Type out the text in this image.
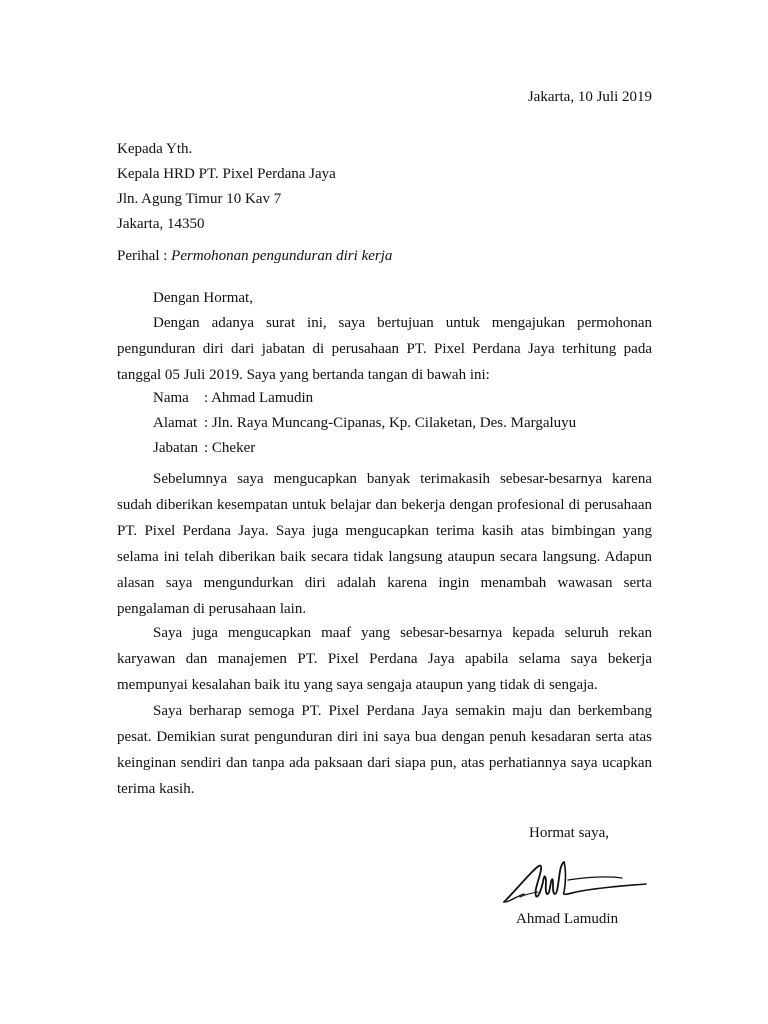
Jakarta, 10 Juli 2019
Kepada Yth.
Kepala HRD PT. Pixel Perdana Jaya
Jln. Agung Timur 10 Kav 7
Jakarta, 14350
Perihal : Permohonan pengunduran diri kerja
Dengan Hormat,
Dengan adanya surat ini, saya bertujuan untuk mengajukan permohonan pengunduran diri dari jabatan di perusahaan PT. Pixel Perdana Jaya terhitung pada tanggal 05 Juli 2019. Saya yang bertanda tangan di bawah ini:
Nama : Ahmad Lamudin
Alamat : Jln. Raya Muncang-Cipanas, Kp. Cilaketan, Des. Margaluyu
Jabatan : Cheker
Sebelumnya saya mengucapkan banyak terimakasih sebesar-besarnya karena sudah diberikan kesempatan untuk belajar dan bekerja dengan profesional di perusahaan PT. Pixel Perdana Jaya. Saya juga mengucapkan terima kasih atas bimbingan yang selama ini telah diberikan baik secara tidak langsung ataupun secara langsung. Adapun alasan saya mengundurkan diri adalah karena ingin menambah wawasan serta pengalaman di perusahaan lain.
Saya juga mengucapkan maaf yang sebesar-besarnya kepada seluruh rekan karyawan dan manajemen PT. Pixel Perdana Jaya apabila selama saya bekerja mempunyai kesalahan baik itu yang saya sengaja ataupun yang tidak di sengaja.
Saya berharap semoga PT. Pixel Perdana Jaya semakin maju dan berkembang pesat. Demikian surat pengunduran diri ini saya bua dengan penuh kesadaran serta atas keinginan sendiri dan tanpa ada paksaan dari siapa pun, atas perhatiannya saya ucapkan terima kasih.
Hormat saya,
Ahmad Lamudin
